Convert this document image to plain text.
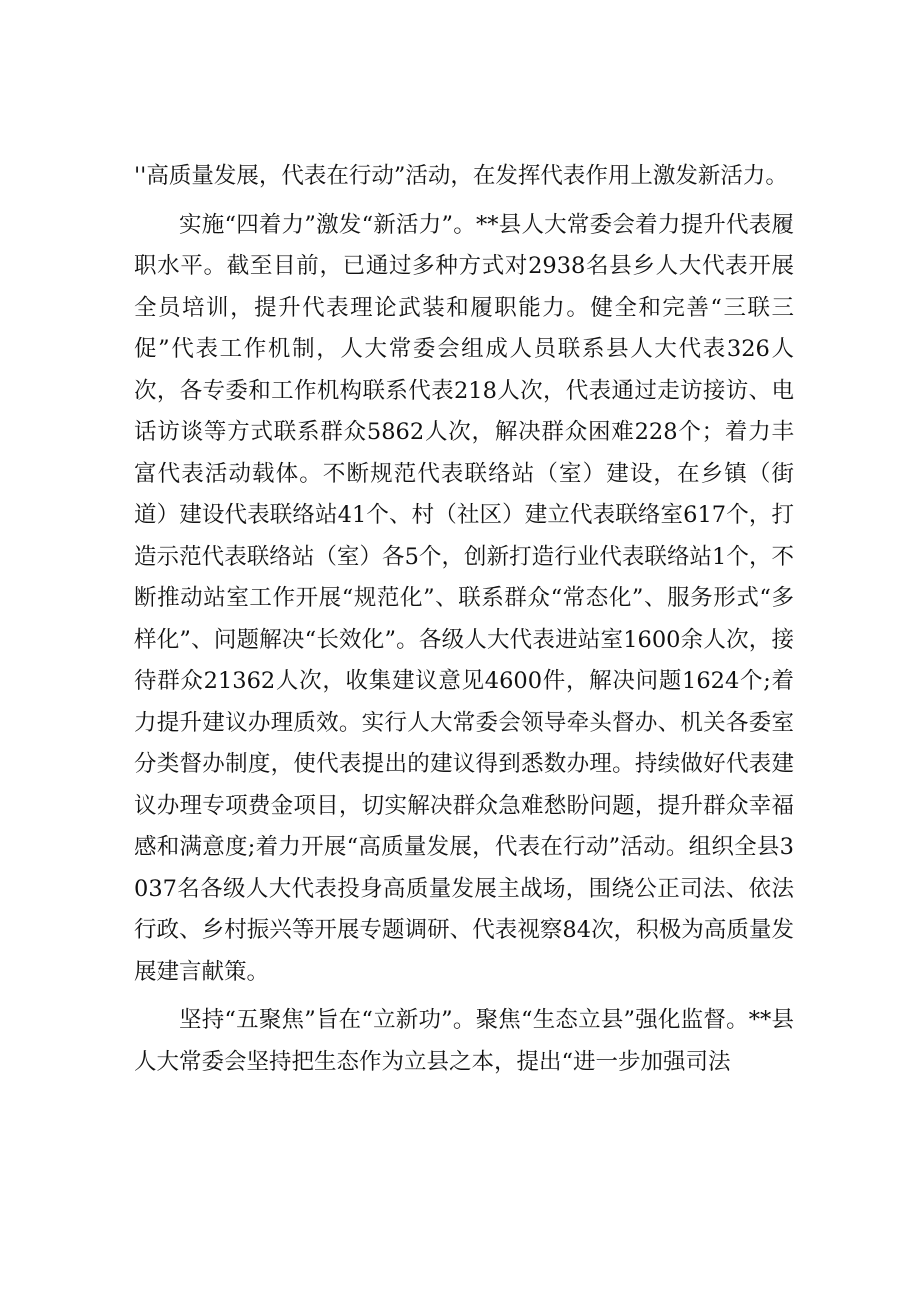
''高质量发展，代表在行动”活动，在发挥代表作用上激发新活力。

实施“四着力”激发“新活力”。**县人大常委会着力提升代表履职水平。截至目前，已通过多种方式对2938名县乡人大代表开展全员培训，提升代表理论武装和履职能力。健全和完善“三联三促”代表工作机制，人大常委会组成人员联系县人大代表326人次，各专委和工作机构联系代表218人次，代表通过走访接访、电话访谈等方式联系群众5862人次，解决群众困难228个；着力丰富代表活动载体。不断规范代表联络站（室）建设，在乡镇（街道）建设代表联络站41个、村（社区）建立代表联络室617个，打造示范代表联络站（室）各5个，创新打造行业代表联络站1个，不断推动站室工作开展“规范化”、联系群众“常态化”、服务形式“多样化”、问题解决“长效化”。各级人大代表进站室1600余人次，接待群众21362人次，收集建议意见4600件，解决问题1624个;着力提升建议办理质效。实行人大常委会领导牵头督办、机关各委室分类督办制度，使代表提出的建议得到悉数办理。持续做好代表建议办理专项费金项目，切实解决群众急难愁盼问题，提升群众幸福感和满意度;着力开展“高质量发展，代表在行动”活动。组织全县3037名各级人大代表投身高质量发展主战场，围绕公正司法、依法行政、乡村振兴等开展专题调研、代表视察84次，积极为高质量发展建言献策。

坚持“五聚焦”旨在“立新功”。聚焦“生态立县”强化监督。**县人大常委会坚持把生态作为立县之本，提出“进一步加强司法
